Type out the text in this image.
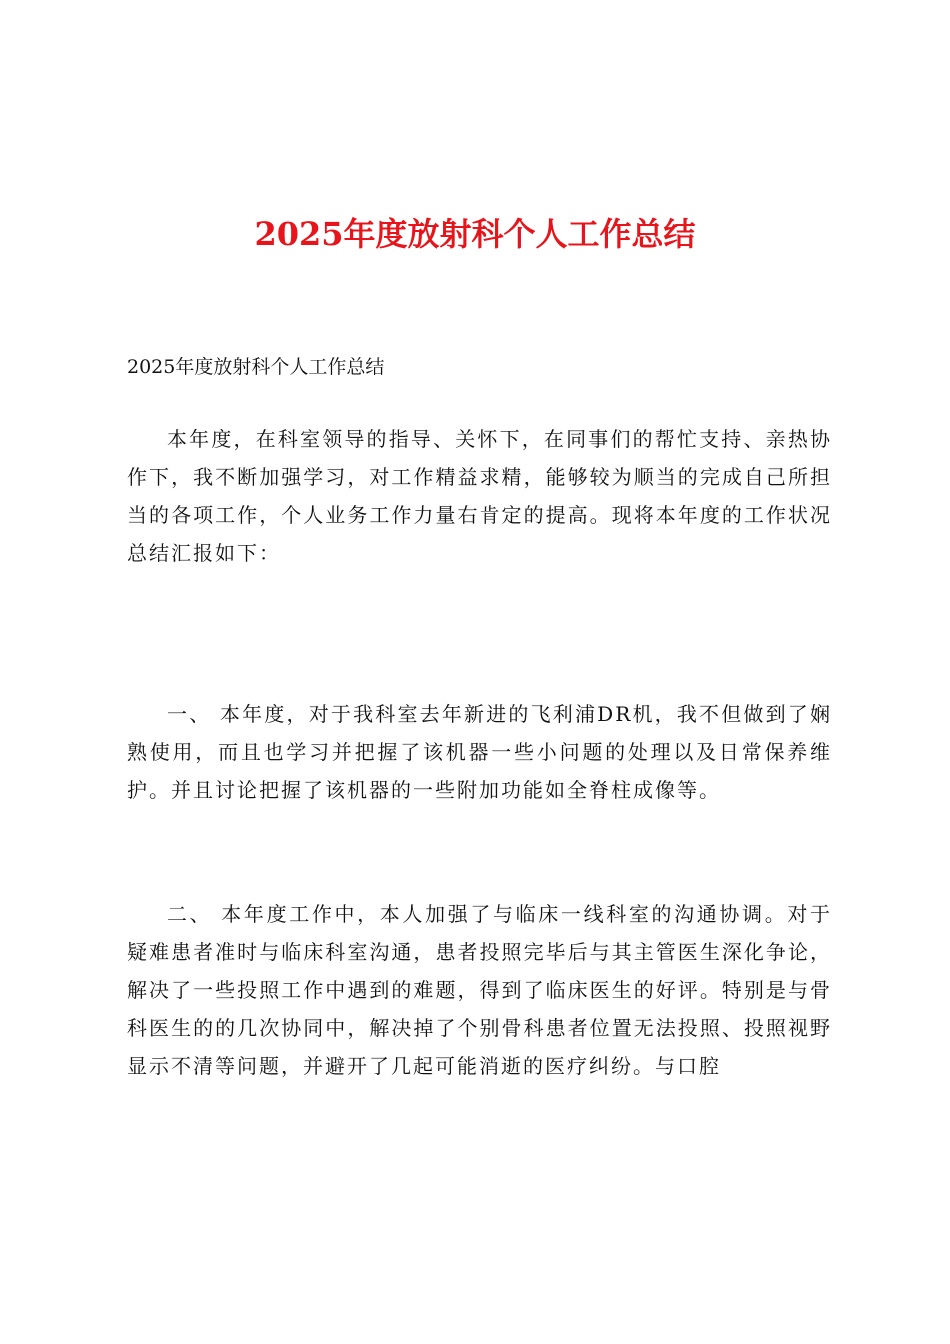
2025年度放射科个人工作总结
2025年度放射科个人工作总结

本年度，在科室领导的指导、关怀下，在同事们的帮忙支持、亲热协作下，我不断加强学习，对工作精益求精，能够较为顺当的完成自己所担当的各项工作，个人业务工作力量右肯定的提高。现将本年度的工作状况总结汇报如下：

一、 本年度，对于我科室去年新进的飞利浦DR机，我不但做到了娴熟使用，而且也学习并把握了该机器一些小问题的处理以及日常保养维护。并且讨论把握了该机器的一些附加功能如全脊柱成像等。

二、 本年度工作中，本人加强了与临床一线科室的沟通协调。对于疑难患者准时与临床科室沟通，患者投照完毕后与其主管医生深化争论，解决了一些投照工作中遇到的难题，得到了临床医生的好评。特别是与骨科医生的的几次协同中，解决掉了个别骨科患者位置无法投照、投照视野显示不清等问题，并避开了几起可能消逝的医疗纠纷。与口腔
